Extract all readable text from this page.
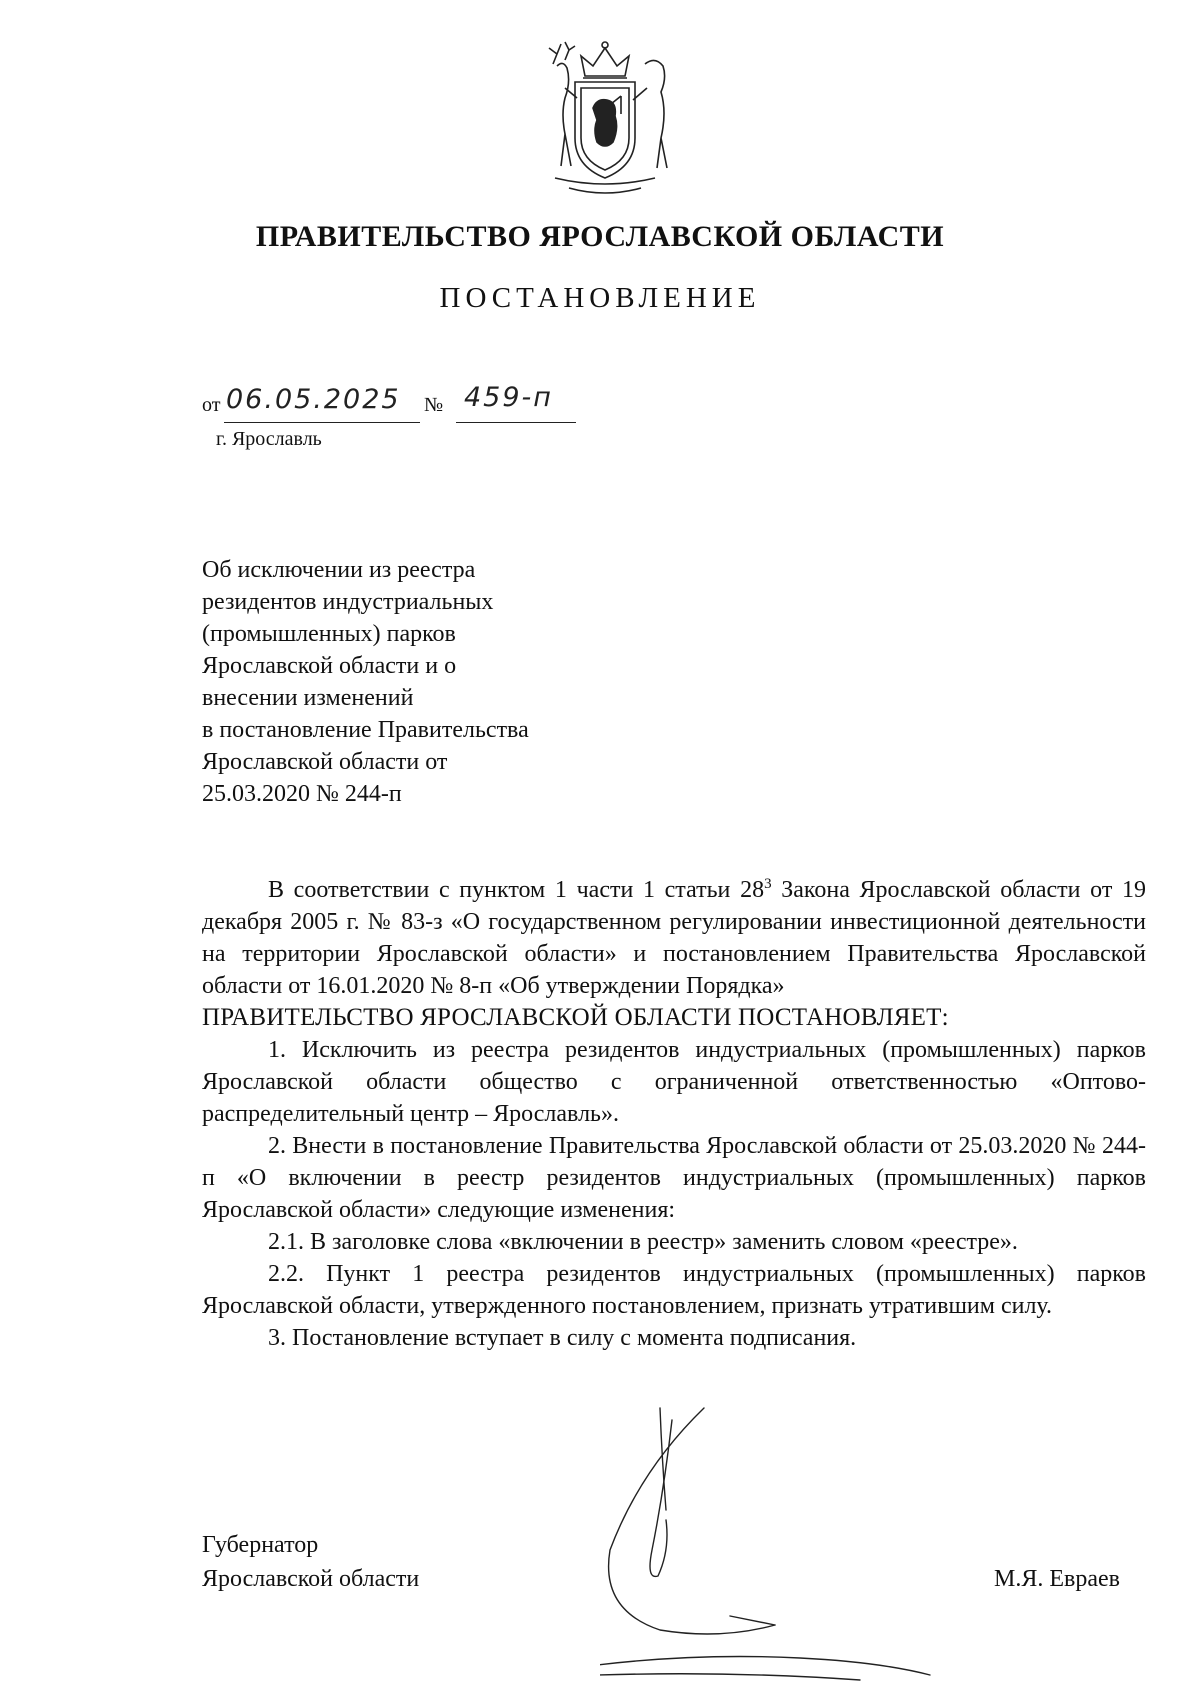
ПРАВИТЕЛЬСТВО ЯРОСЛАВСКОЙ ОБЛАСТИ
ПОСТАНОВЛЕНИЕ
от 06.05.2025 № 459-п
г. Ярославль
Об исключении из реестра
резидентов индустриальных
(промышленных) парков
Ярославской области и о
внесении изменений
в постановление Правительства
Ярославской области от
25.03.2020 № 244-п

В соответствии с пунктом 1 части 1 статьи $28^3$ Закона Ярославской области от 19 декабря 2005 г. № 83-з «О государственном регулировании инвестиционной деятельности на территории Ярославской области» и постановлением Правительства Ярославской области от 16.01.2020 № 8-п «Об утверждении Порядка»

ПРАВИТЕЛЬСТВО ЯРОСЛАВСКОЙ ОБЛАСТИ ПОСТАНОВЛЯЕТ:

1. Исключить из реестра резидентов индустриальных (промышленных) парков Ярославской области общество с ограниченной ответственностью «Оптово-распределительный центр – Ярославль».

2. Внести в постановление Правительства Ярославской области от 25.03.2020 № 244-п «О включении в реестр резидентов индустриальных (промышленных) парков Ярославской области» следующие изменения:

2.1. В заголовке слова «включении в реестр» заменить словом «реестре».

2.2. Пункт 1 реестра резидентов индустриальных (промышленных) парков Ярославской области, утвержденного постановлением, признать утратившим силу.

3. Постановление вступает в силу с момента подписания.

Губернатор
Ярославской области	М.Я. Евраев
